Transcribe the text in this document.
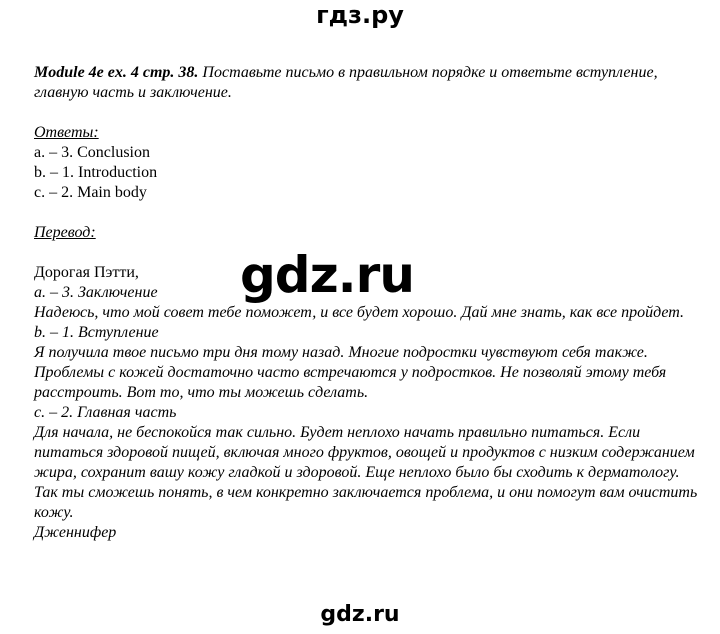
гдз.ру

Module 4e ex. 4 стр. 38. Поставьте письмо в правильном порядке и ответьте вступление, главную часть и заключение.

Ответы:

a. – 3. Conclusion

b. – 1. Introduction

c. – 2. Main body

Перевод:

Дорогая Пэтти,

a. – 3. Заключение

Надеюсь, что мой совет тебе поможет, и все будет хорошо. Дай мне знать, как все пройдет.

b. – 1. Вступление

Я получила твое письмо три дня тому назад. Многие подростки чувствуют себя также. Проблемы с кожей достаточно часто встречаются у подростков. Не позволяй этому тебя расстроить. Вот то, что ты можешь сделать.

c. – 2. Главная часть

Для начала, не беспокойся так сильно. Будет неплохо начать правильно питаться. Если питаться здоровой пищей, включая много фруктов, овощей и продуктов с низким содержанием жира, сохранит вашу кожу гладкой и здоровой. Еще неплохо было бы сходить к дерматологу. Так ты сможешь понять, в чем конкретно заключается проблема, и они помогут вам очистить кожу.

Дженнифер

gdz.ru
gdz.ru
